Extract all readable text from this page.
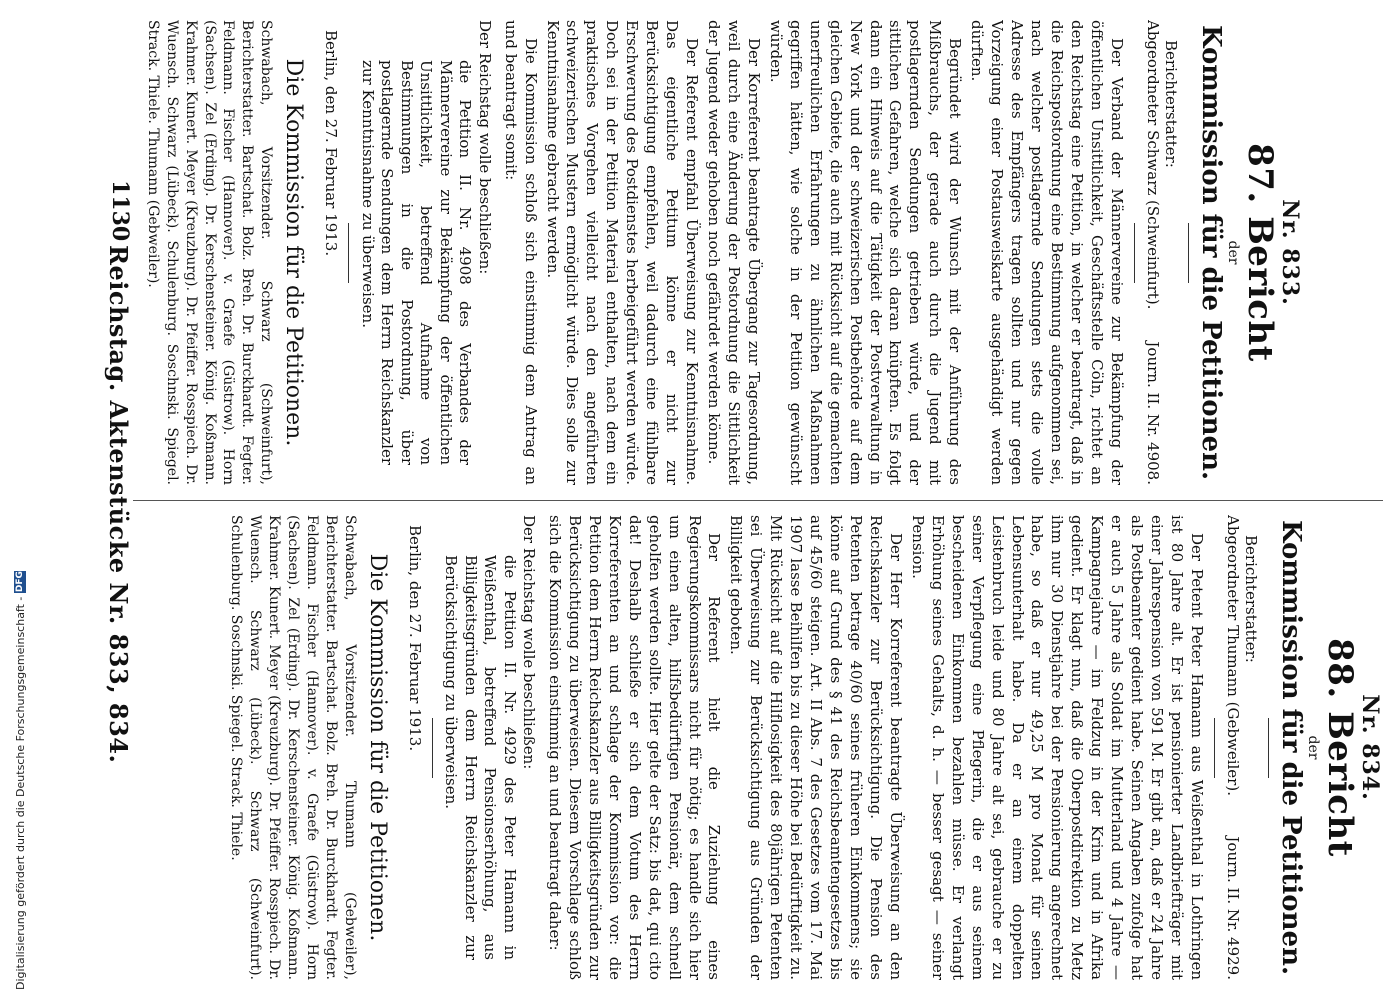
1130
Reichstag. Aktenstücke Nr. 833, 834.	Nr. 833.
87. Bericht
der
Kommission für die Petitionen.
Berichterstatter:
Abgeordneter Schwarz (Schweinfurt).
Journ. II. Nr. 4908.

Der Verband der Männervereine zur Bekämpfung der öffentlichen Unsittlichkeit, Geschäftsstelle Cöln, richtet an den Reichstag eine Petition, in welcher er beantragt, daß in die Reichspostordnung eine Bestimmung aufgenommen sei, nach welcher postlagernde Sendungen stets die volle Adresse des Empfängers tragen sollten und nur gegen Vorzeigung einer Postausweiskarte ausgehändigt werden dürften.

Begründet wird der Wunsch mit der Anführung des Mißbrauchs, der gerade auch durch die Jugend mit postlagernden Sendungen getrieben würde, und der sittlichen Gefahren, welche sich daran knüpften. Es folgt dann ein Hinweis auf die Tätigkeit der Postverwaltung in New York und der schweizerischen Postbehörde auf dem gleichen Gebiete, die auch mit Rücksicht auf die gemachten unerfreulichen Erfahrungen zu ähnlichen Maßnahmen gegriffen hätten, wie solche in der Petition gewünscht würden.

Der Korreferent beantragte Übergang zur Tagesordnung, weil durch eine Änderung der Postordnung die Sittlichkeit der Jugend weder gehoben noch gefährdet werden könne.

Der Referent empfahl Überweisung zur Kenntnisnahme. Das eigentliche Petitum könne er nicht zur Berücksichtigung empfehlen, weil dadurch eine fühlbare Erschwerung des Postdienstes herbeigeführt werden würde. Doch sei in der Petition Material enthalten, nach dem ein praktisches Vorgehen vielleicht nach den angeführten schweizerischen Mustern ermöglicht würde. Dies solle zur Kenntnisnahme gebracht werden.

Die Kommission schloß sich einstimmig dem Antrag an und beantragt somit:

Der Reichstag wolle beschließen:
die Petition II. Nr. 4908 des Verbandes der Männervereine zur Bekämpfung der öffentlichen Unsittlichkeit, betreffend Aufnahme von Bestimmungen in die Postordnung, über postlagernde Sendungen dem Herrn Reichskanzler zur Kenntnisnahme zu überweisen.
Berlin, den 27. Februar 1913.
Die Kommission für die Petitionen.
Schwabach, Vorsitzender. Schwarz (Schweinfurt), Berichterstatter. Bartschat. Bolz. Breh. Dr. Burckhardt. Fegter. Feldmann. Fischer (Hannover). v. Graefe (Güstrow). Horn (Sachsen). Zel (Erding). Dr. Kerschensteiner. König. Koßmann. Krahmer. Kunert. Meyer (Kreuzburg). Dr. Pfeiffer. Rosspiech. Dr. Wuensch. Schwarz (Lübeck). Schulenburg. Soschnski. Spiegel. Strack. Thiele. Thumann (Gebweiler).
Nr. 834.
88. Bericht
der
Kommission für die Petitionen.
Berichterstatter:
Abgeordneter Thumann (Gebweiler).
Journ. II. Nr. 4929.

Der Petent Peter Hamann aus Weißenthal in Lothringen ist 80 Jahre alt. Er ist pensionierter Landbriefträger mit einer Jahrespension von 591 M. Er gibt an, daß er 24 Jahre als Postbeamter gedient habe. Seinen Angaben zufolge hat er auch 5 Jahre als Soldat im Mutterland und 4 Jahre — Kampagnejahre — im Feldzug in der Krim und in Afrika gedient. Er klagt nun, daß die Oberpostdirektion zu Metz ihm nur 30 Dienstjahre bei der Pensionierung angerechnet habe, so daß er nur 49,25 M pro Monat für seinen Lebensunterhalt habe. Da er an einem doppelten Leistenbruch leide und 80 Jahre alt sei, gebrauche er zu seiner Verpflegung eine Pflegerin, die er aus seinem bescheidenen Einkommen bezahlen müsse. Er verlangt Erhöhung seines Gehalts, d. h. — besser gesagt — seiner Pension.

Der Herr Korreferent beantragte Überweisung an den Reichskanzler zur Berücksichtigung. Die Pension des Petenten betrage 40/60 seines früheren Einkommens; sie könne auf Grund des § 41 des Reichsbeamtengesetzes bis auf 45/60 steigen. Art. II Abs. 7 des Gesetzes vom 17. Mai 1907 lasse Beihilfen bis zu dieser Höhe bei Bedürftigkeit zu. Mit Rücksicht auf die Hilflosigkeit des 80jährigen Petenten sei Überweisung zur Berücksichtigung aus Gründen der Billigkeit geboten.

Der Referent hielt die Zuziehung eines Regierungskommissars nicht für nötig; es handle sich hier um einen alten, hilfsbedürftigen Pensionär, dem schnell geholfen werden sollte. Hier gelte der Satz: bis dat, qui cito dat! Deshalb schließe er sich dem Votum des Herrn Korreferenten an und schlage der Kommission vor: die Petition dem Herrn Reichskanzler aus Billigkeitsgründen zur Berücksichtigung zu überweisen. Diesem Vorschlage schloß sich die Kommission einstimmig an und beantragt daher:

Der Reichstag wolle beschließen:
die Petition II. Nr. 4929 des Peter Hamann in Weißenthal, betreffend Pensionserhöhung, aus Billigkeitsgründen dem Herrn Reichskanzler zur Berücksichtigung zu überweisen.
Berlin, den 27. Februar 1913.
Die Kommission für die Petitionen.
Schwabach, Vorsitzender. Thumann (Gebweiler), Berichterstatter. Bartschat. Bolz. Breh. Dr. Burckhardt. Fegter. Feldmann. Fischer (Hannover). v. Graefe (Güstrow). Horn (Sachsen). Zel (Erding). Dr. Kerschensteiner. König. Koßmann. Krahmer. Kunert. Meyer (Kreuzburg). Dr. Pfeiffer. Rosspiech. Dr. Wuensch. Schwarz (Lübeck). Schwarz (Schweinfurt). Schulenburg. Soschnski. Spiegel. Strack. Thiele.
Digitalisierung gefördert durch die Deutsche Forschungsgemeinschaft -
DFG
